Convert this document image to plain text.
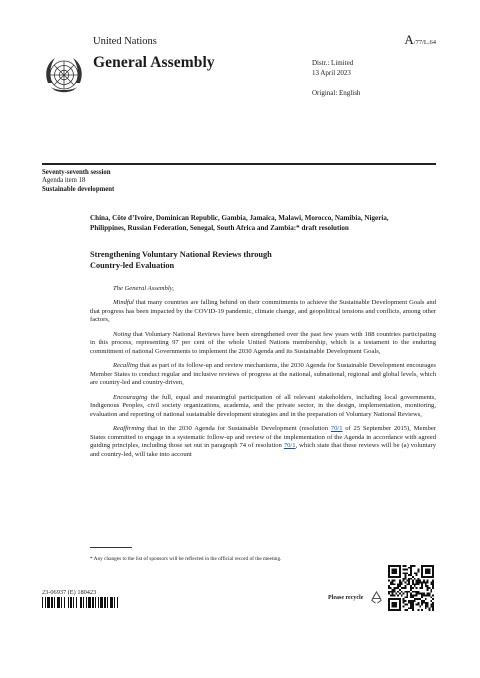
United Nations	A/77/L.64
General Assembly	Distr.: Limited
13 April 2023
Original: English
Seventy-seventh session
Agenda item 18
Sustainable development
China, Côte d’Ivoire, Dominican Republic, Gambia, Jamaica, Malawi, Morocco, Namibia, Nigeria, Philippines, Russian Federation, Senegal, South Africa and Zambia:* draft resolution
Strengthening Voluntary National Reviews through
Country-led Evaluation

The General Assembly,

Mindful that many countries are falling behind on their commitments to achieve the Sustainable Development Goals and that progress has been impacted by the COVID-19 pandemic, climate change, and geopolitical tensions and conflicts, among other factors,

Noting that Voluntary National Reviews have been strengthened over the past few years with 188 countries participating in this process, representing 97 per cent of the whole United Nations membership, which is a testament to the enduring commitment of national Governments to implement the 2030 Agenda and its Sustainable Development Goals,

Recalling that as part of its follow-up and review mechanisms, the 2030 Agenda for Sustainable Development encourages Member States to conduct regular and inclusive reviews of progress at the national, subnational, regional and global levels, which are country-led and country-driven,

Encouraging the full, equal and meaningful participation of all relevant stakeholders, including local governments, Indigenous Peoples, civil society organizations, academia, and the private sector, in the design, implementation, monitoring, evaluation and reporting of national sustainable development strategies and in the preparation of Voluntary National Reviews,

Reaffirming that in the 2030 Agenda for Sustainable Development (resolution 70/1 of 25 September 2015), Member States committed to engage in a systematic follow-up and review of the implementation of the Agenda in accordance with agreed guiding principles, including those set out in paragraph 74 of resolution 70/1, which state that these reviews will be (a) voluntary and country-led, will take into account

* Any changes to the list of sponsors will be reflected in the official record of the meeting.
23-06937 (E) 180423
Please recycle
